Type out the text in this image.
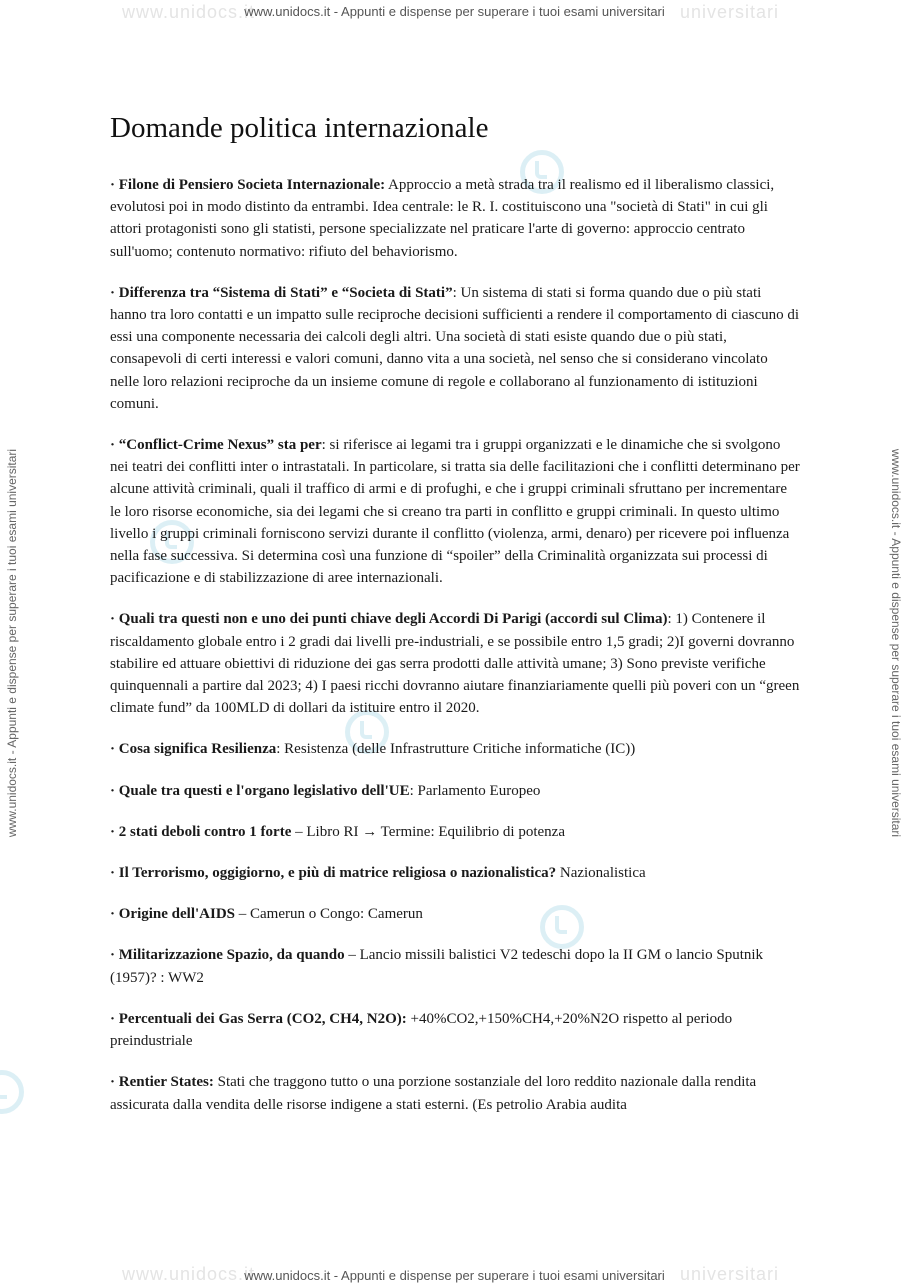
www.unidocs.it	universitari
www.unidocs.it	universitari
www.unidocs.it - Appunti e dispense per superare i tuoi esami universitari
www.unidocs.it - Appunti e dispense per superare i tuoi esami universitari
www.unidocs.it - Appunti e dispense per superare i tuoi esami universitari	www.unidocs.it - Appunti e dispense per superare i tuoi esami universitari
Domande politica internazionale

· Filone di Pensiero Societa Internazionale: Approccio a metà strada tra il realismo ed il liberalismo classici, evolutosi poi in modo distinto da entrambi. Idea centrale: le R. I. costituiscono una "società di Stati" in cui gli attori protagonisti sono gli statisti, persone specializzate nel praticare l'arte di governo: approccio centrato sull'uomo; contenuto normativo: rifiuto del behaviorismo.

· Differenza tra “Sistema di Stati” e “Societa di Stati”: Un sistema di stati si forma quando due o più stati hanno tra loro contatti e un impatto sulle reciproche decisioni sufficienti a rendere il comportamento di ciascuno di essi una componente necessaria dei calcoli degli altri. Una società di stati esiste quando due o più stati, consapevoli di certi interessi e valori comuni, danno vita a una società, nel senso che si considerano vincolato nelle loro relazioni reciproche da un insieme comune di regole e collaborano al funzionamento di istituzioni comuni.

· “Conflict-Crime Nexus” sta per: si riferisce ai legami tra i gruppi organizzati e le dinamiche che si svolgono nei teatri dei conflitti inter o intrastatali. In particolare, si tratta sia delle facilitazioni che i conflitti determinano per alcune attività criminali, quali il traffico di armi e di profughi, e che i gruppi criminali sfruttano per incrementare le loro risorse economiche, sia dei legami che si creano tra parti in conflitto e gruppi criminali. In questo ultimo livello i gruppi criminali forniscono servizi durante il conflitto (violenza, armi, denaro) per ricevere poi influenza nella fase successiva. Si determina così una funzione di “spoiler” della Criminalità organizzata sui processi di pacificazione e di stabilizzazione di aree internazionali.

· Quali tra questi non e uno dei punti chiave degli Accordi Di Parigi (accordi sul Clima): 1) Contenere il riscaldamento globale entro i 2 gradi dai livelli pre-industriali, e se possibile entro 1,5 gradi; 2)I governi dovranno stabilire ed attuare obiettivi di riduzione dei gas serra prodotti dalle attività umane; 3) Sono previste verifiche quinquennali a partire dal 2023; 4) I paesi ricchi dovranno aiutare finanziariamente quelli più poveri con un “green climate fund” da 100MLD di dollari da istituire entro il 2020.

· Cosa significa Resilienza: Resistenza (delle Infrastrutture Critiche informatiche (IC))

· Quale tra questi e l'organo legislativo dell'UE: Parlamento Europeo

· 2 stati deboli contro 1 forte – Libro RI → Termine: Equilibrio di potenza

· Il Terrorismo, oggigiorno, e più di matrice religiosa o nazionalistica? Nazionalistica

· Origine dell'AIDS – Camerun o Congo: Camerun

· Militarizzazione Spazio, da quando – Lancio missili balistici V2 tedeschi dopo la II GM o lancio Sputnik (1957)? : WW2

· Percentuali dei Gas Serra (CO2, CH4, N2O): +40%CO2,+150%CH4,+20%N2O rispetto al periodo preindustriale

· Rentier States: Stati che traggono tutto o una porzione sostanziale del loro reddito nazionale dalla rendita assicurata dalla vendita delle risorse indigene a stati esterni. (Es petrolio Arabia audita
